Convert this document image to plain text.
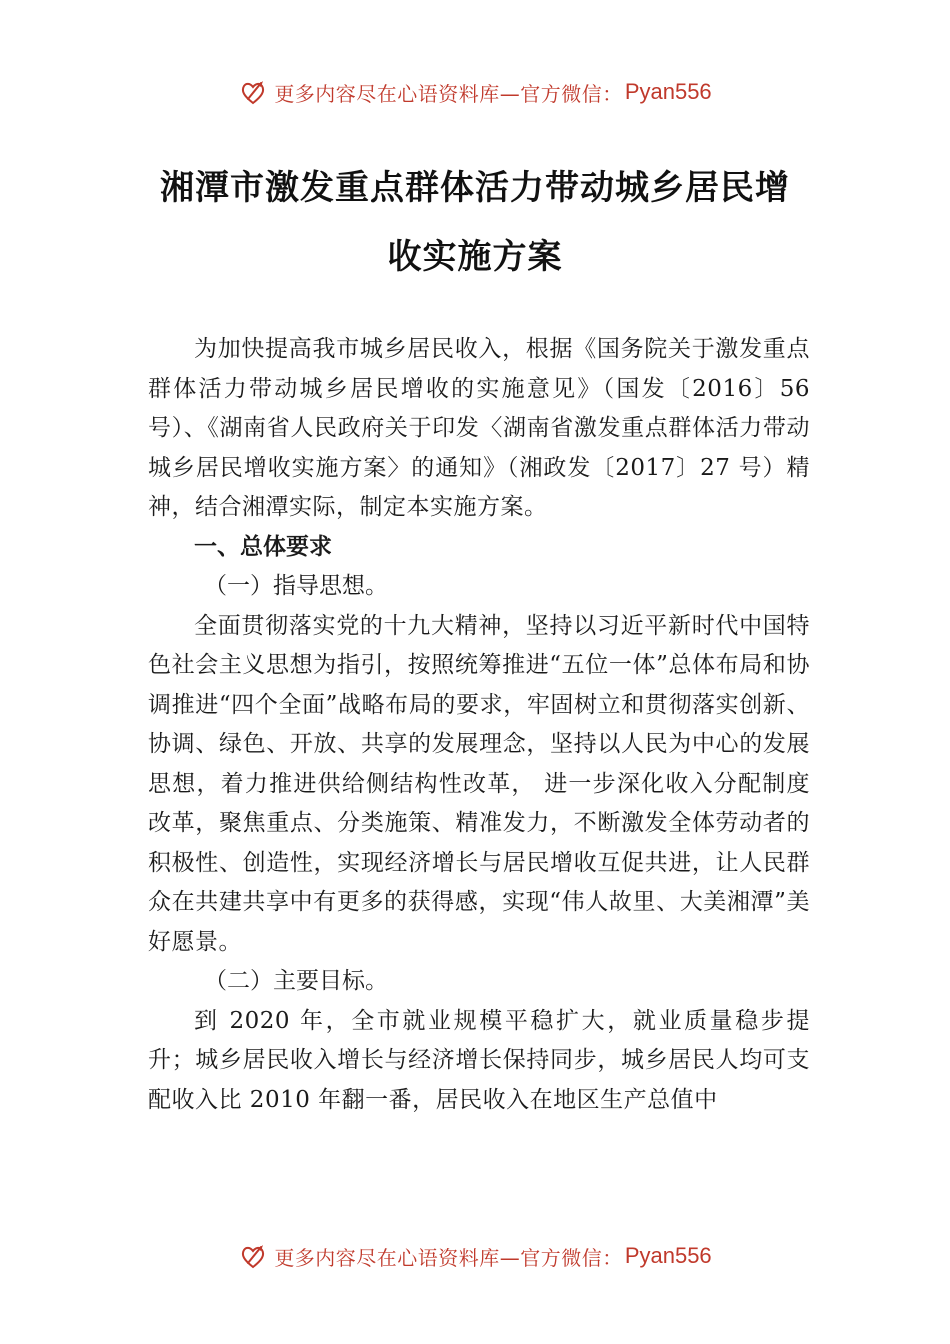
更多内容尽在心语资料库—官方微信： Pyan556
湘潭市激发重点群体活力带动城乡居民增
收实施方案

为加快提高我市城乡居民收入，根据《国务院关于激发重点群体活力带动城乡居民增收的实施意见》（国发〔2016〕56号）、《湖南省人民政府关于印发〈湖南省激发重点群体活力带动城乡居民增收实施方案〉的通知》（湘政发〔2017〕27 号）精神，结合湘潭实际，制定本实施方案。

一、总体要求

（一）指导思想。

全面贯彻落实党的十九大精神，坚持以习近平新时代中国特色社会主义思想为指引，按照统筹推进“五位一体”总体布局和协调推进“四个全面”战略布局的要求，牢固树立和贯彻落实创新、协调、绿色、开放、共享的发展理念，坚持以人民为中心的发展思想，着力推进供给侧结构性改革， 进一步深化收入分配制度改革，聚焦重点、分类施策、精准发力，不断激发全体劳动者的积极性、创造性，实现经济增长与居民增收互促共进，让人民群众在共建共享中有更多的获得感，实现“伟人故里、大美湘潭”美好愿景。

（二）主要目标。

到 2020 年，全市就业规模平稳扩大，就业质量稳步提升；城乡居民收入增长与经济增长保持同步，城乡居民人均可支配收入比 2010 年翻一番，居民收入在地区生产总值中

更多内容尽在心语资料库—官方微信： Pyan556
